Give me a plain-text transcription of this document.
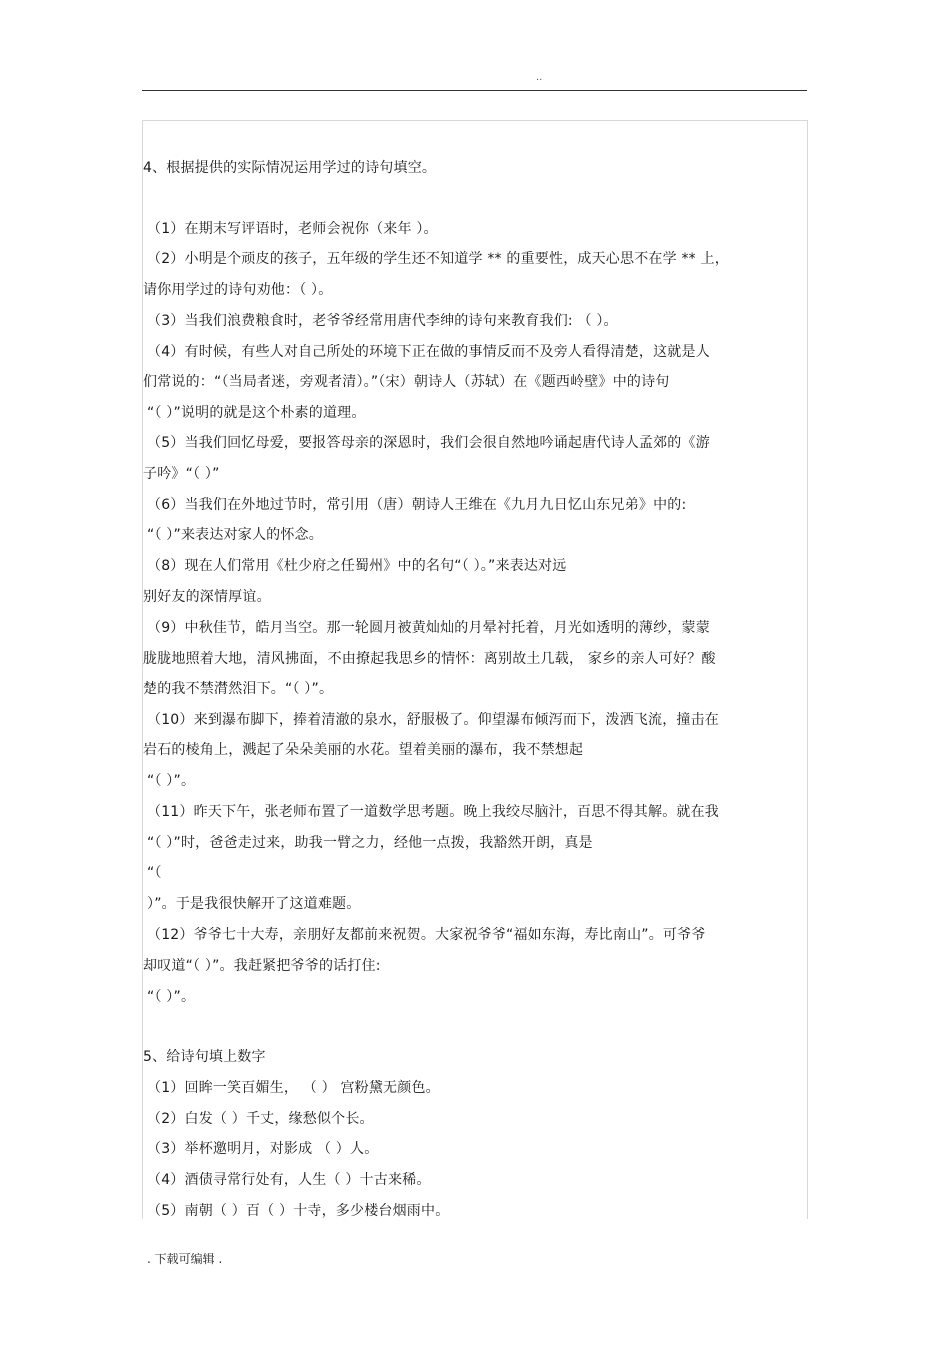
..
4、根据提供的实际情况运用学过的诗句填空。
（1）在期末写评语时，老师会祝你（来年 ）。
（2）小明是个顽皮的孩子，五年级的学生还不知道学 ** 的重要性，成天心思不在学 ** 上，
请你用学过的诗句劝他：（ ）。
（3）当我们浪费粮食时，老爷爷经常用唐代李绅的诗句来教育我们: （ ）。
（4）有时候，有些人对自己所处的环境下正在做的事情反而不及旁人看得清楚，这就是人
们常说的：“（当局者迷，旁观者清）。”（宋）朝诗人（苏轼）在《题西岭壁》中的诗句
“（ ）”说明的就是这个朴素的道理。
（5）当我们回忆母爱，要报答母亲的深恩时，我们会很自然地吟诵起唐代诗人孟郊的《游
子吟》“（ ）”
（6）当我们在外地过节时，常引用（唐）朝诗人王维在《九月九日忆山东兄弟》中的:
“（ ）”来表达对家人的怀念。
（8）现在人们常用《杜少府之任蜀州》中的名句“（ ）。”来表达对远
别好友的深情厚谊。
（9）中秋佳节，皓月当空。那一轮圆月被黄灿灿的月晕衬托着，月光如透明的薄纱，蒙蒙
胧胧地照着大地，清风拂面，不由撩起我思乡的情怀：离别故土几载， 家乡的亲人可好？酸
楚的我不禁潸然泪下。“（ ）”。
（10）来到瀑布脚下，捧着清澈的泉水，舒服极了。仰望瀑布倾泻而下，泼洒飞流，撞击在
岩石的棱角上，溅起了朵朵美丽的水花。望着美丽的瀑布，我不禁想起
“（ ）”。
（11）昨天下午，张老师布置了一道数学思考题。晚上我绞尽脑汁，百思不得其解。就在我
“（ ）”时，爸爸走过来，助我一臂之力，经他一点拨，我豁然开朗，真是
“（
）”。于是我很快解开了这道难题。
（12）爷爷七十大寿，亲朋好友都前来祝贺。大家祝爷爷“福如东海，寿比南山”。可爷爷
却叹道“（ ）”。我赶紧把爷爷的话打住:
“（ ）”。
5、给诗句填上数字
（1）回眸一笑百媚生， （ ） 宫粉黛无颜色。
（2）白发（ ）千丈，缘愁似个长。
（3）举杯邀明月，对影成 （ ）人。
（4）酒债寻常行处有，人生（ ）十古来稀。
（5）南朝（ ）百（ ）十寺，多少楼台烟雨中。
. 下载可编辑 .
